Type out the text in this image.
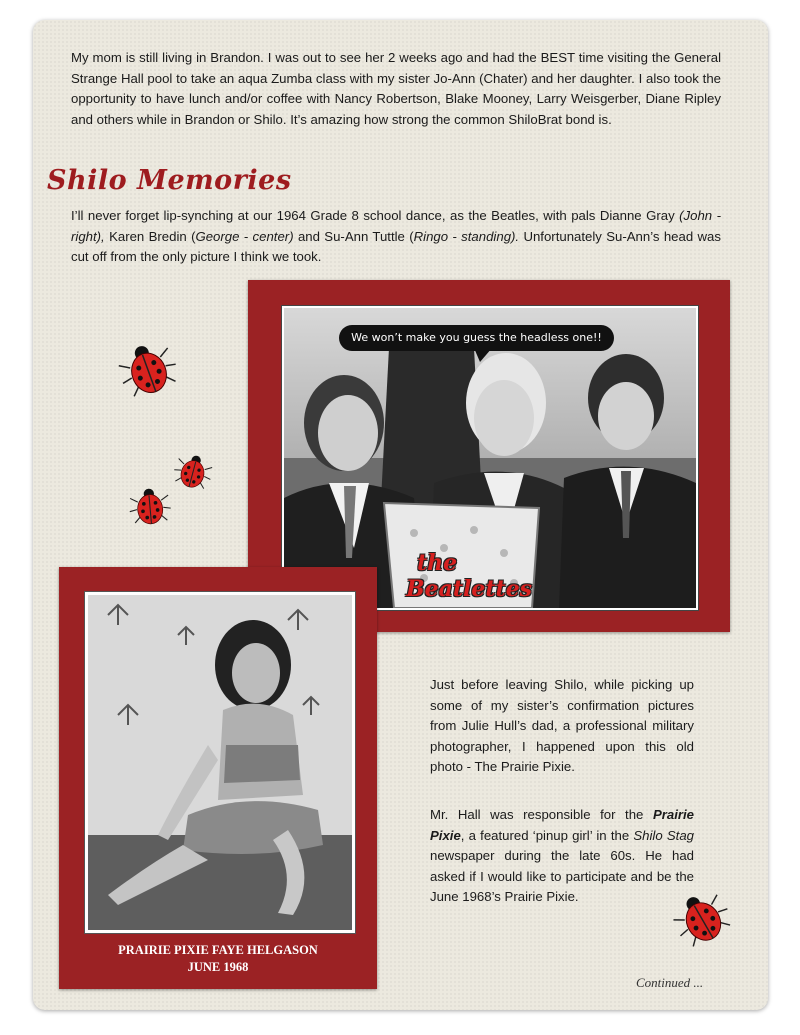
My mom is still living in Brandon. I was out to see her 2 weeks ago and had the BEST time visiting the General Strange Hall pool to take an aqua Zumba class with my sister Jo-Ann (Chater) and her daughter. I also took the opportunity to have lunch and/or coffee with Nancy Robertson, Blake Mooney, Larry Weisgerber, Diane Ripley and others while in Brandon or Shilo. It’s amazing how strong the common ShiloBrat bond is.

Shilo Memories

I’ll never forget lip-synching at our 1964 Grade 8 school dance, as the Beatles, with pals Dianne Gray (John - right), Karen Bredin (George - center) and Su-Ann Tuttle (Ringo - standing). Unfortunately Su-Ann’s head was cut off from the only picture I think we took.

We won’t make you guess the headless one!!
the
Beatlettes
PRAIRIE PIXIE FAYE HELGASON
JUNE 1968

Just before leaving Shilo, while picking up some of my sister’s confirmation pictures from Julie Hull’s dad, a professional military photographer, I happened upon this old photo - The Prairie Pixie.

Mr. Hall was responsible for the Prairie Pixie, a featured ‘pinup girl’ in the Shilo Stag newspaper during the late 60s. He had asked if I would like to participate and be the June 1968’s Prairie Pixie.

Continued ...
